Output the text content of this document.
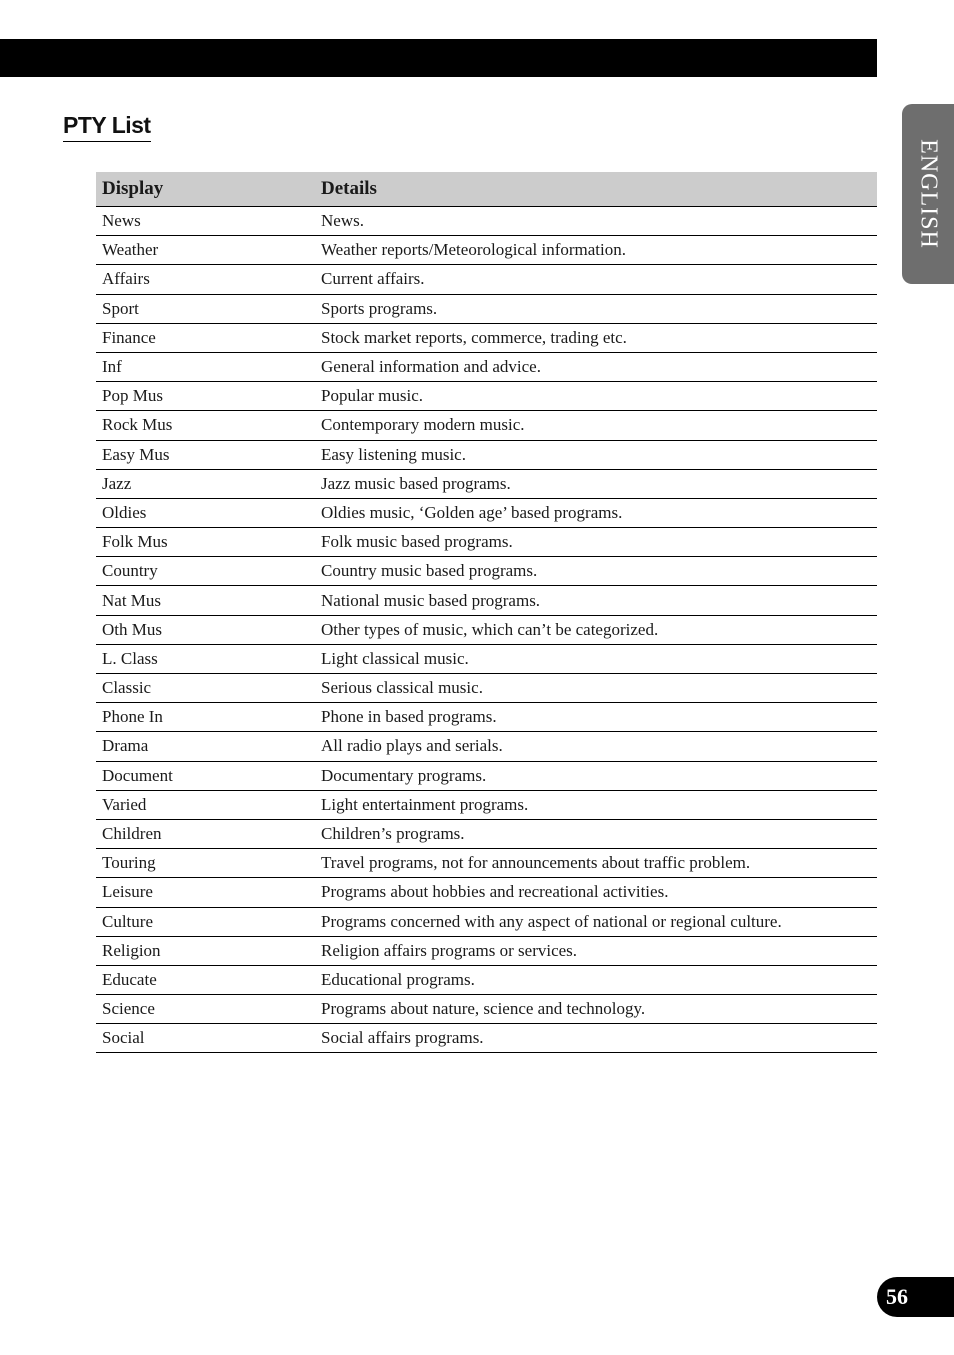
ENGLISH
PTY List
Display	Details
News	News.
Weather	Weather reports/Meteorological information.
Affairs	Current affairs.
Sport	Sports programs.
Finance	Stock market reports, commerce, trading etc.
Inf	General information and advice.
Pop Mus	Popular music.
Rock Mus	Contemporary modern music.
Easy Mus	Easy listening music.
Jazz	Jazz music based programs.
Oldies	Oldies music, ‘Golden age’ based programs.
Folk Mus	Folk music based programs.
Country	Country music based programs.
Nat Mus	National music based programs.
Oth Mus	Other types of music, which can’t be categorized.
L. Class	Light classical music.
Classic	Serious classical music.
Phone In	Phone in based programs.
Drama	All radio plays and serials.
Document	Documentary programs.
Varied	Light entertainment programs.
Children	Children’s programs.
Touring	Travel programs, not for announcements about traffic problem.
Leisure	Programs about hobbies and recreational activities.
Culture	Programs concerned with any aspect of national or regional culture.
Religion	Religion affairs programs or services.
Educate	Educational programs.
Science	Programs about nature, science and technology.
Social	Social affairs programs.
56
